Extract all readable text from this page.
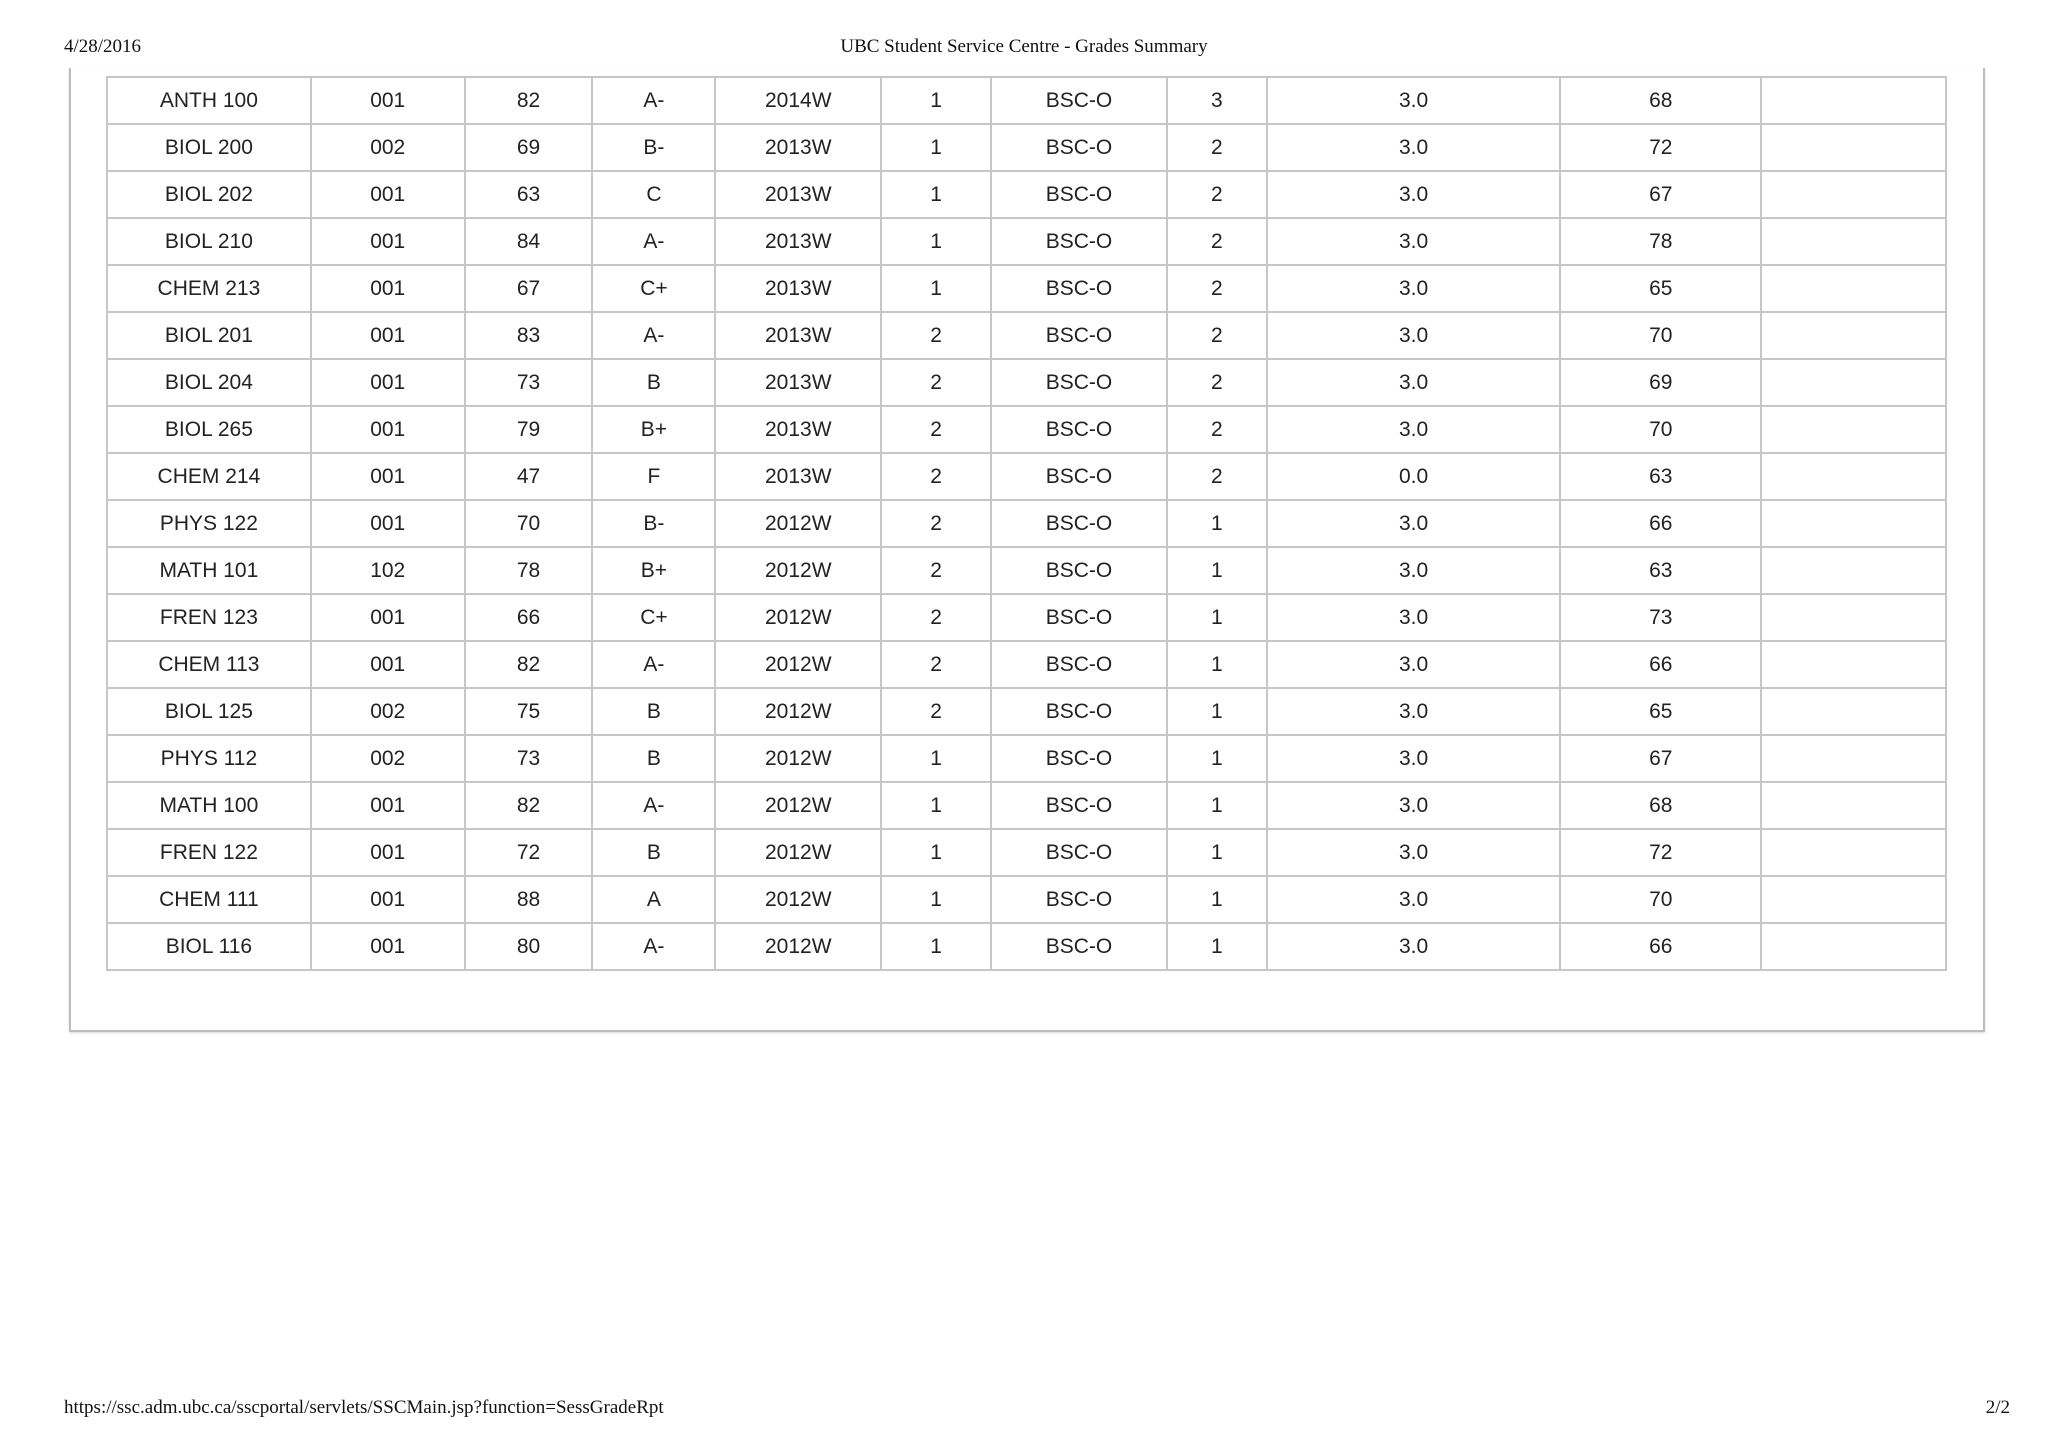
4/28/2016	UBC Student Service Centre - Grades Summary
ANTH 100	001	82	A-	2014W	1	BSC-O	3	3.0	68	
BIOL 200	002	69	B-	2013W	1	BSC-O	2	3.0	72	
BIOL 202	001	63	C	2013W	1	BSC-O	2	3.0	67	
BIOL 210	001	84	A-	2013W	1	BSC-O	2	3.0	78	
CHEM 213	001	67	C+	2013W	1	BSC-O	2	3.0	65	
BIOL 201	001	83	A-	2013W	2	BSC-O	2	3.0	70	
BIOL 204	001	73	B	2013W	2	BSC-O	2	3.0	69	
BIOL 265	001	79	B+	2013W	2	BSC-O	2	3.0	70	
CHEM 214	001	47	F	2013W	2	BSC-O	2	0.0	63	
PHYS 122	001	70	B-	2012W	2	BSC-O	1	3.0	66	
MATH 101	102	78	B+	2012W	2	BSC-O	1	3.0	63	
FREN 123	001	66	C+	2012W	2	BSC-O	1	3.0	73	
CHEM 113	001	82	A-	2012W	2	BSC-O	1	3.0	66	
BIOL 125	002	75	B	2012W	2	BSC-O	1	3.0	65	
PHYS 112	002	73	B	2012W	1	BSC-O	1	3.0	67	
MATH 100	001	82	A-	2012W	1	BSC-O	1	3.0	68	
FREN 122	001	72	B	2012W	1	BSC-O	1	3.0	72	
CHEM 111	001	88	A	2012W	1	BSC-O	1	3.0	70	
BIOL 116	001	80	A-	2012W	1	BSC-O	1	3.0	66	
https://ssc.adm.ubc.ca/sscportal/servlets/SSCMain.jsp?function=SessGradeRpt	2/2
